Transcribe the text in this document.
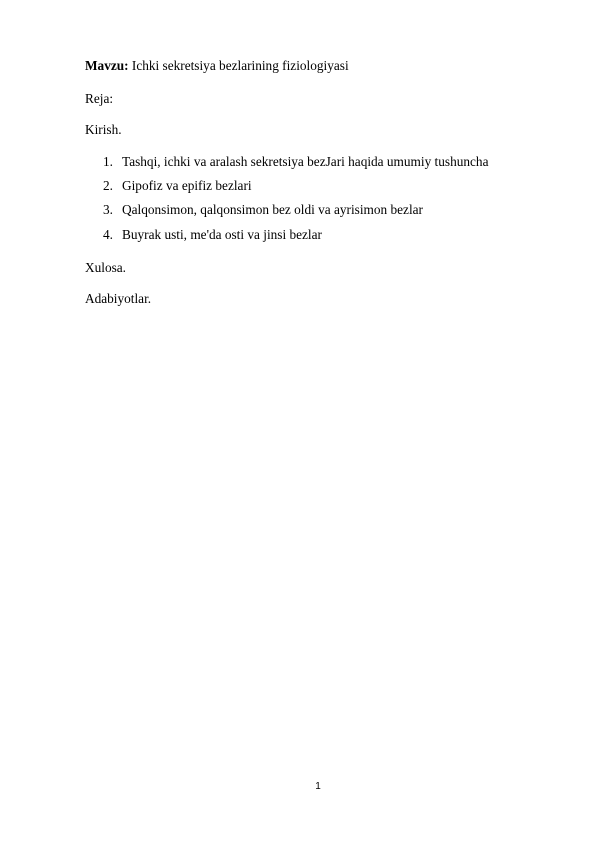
Mavzu: Ichki sekretsiya bezlarining fiziologiyasi
Reja:
Kirish.
1. Tashqi, ichki va aralash sekretsiya bezJari haqida umumiy tushuncha
2. Gipofiz va epifiz bezlari
3. Qalqonsimon, qalqonsimon bez oldi va ayrisimon bezlar
4. Buyrak usti, me'da osti va jinsi bezlar
Xulosa.
Adabiyotlar.
1
